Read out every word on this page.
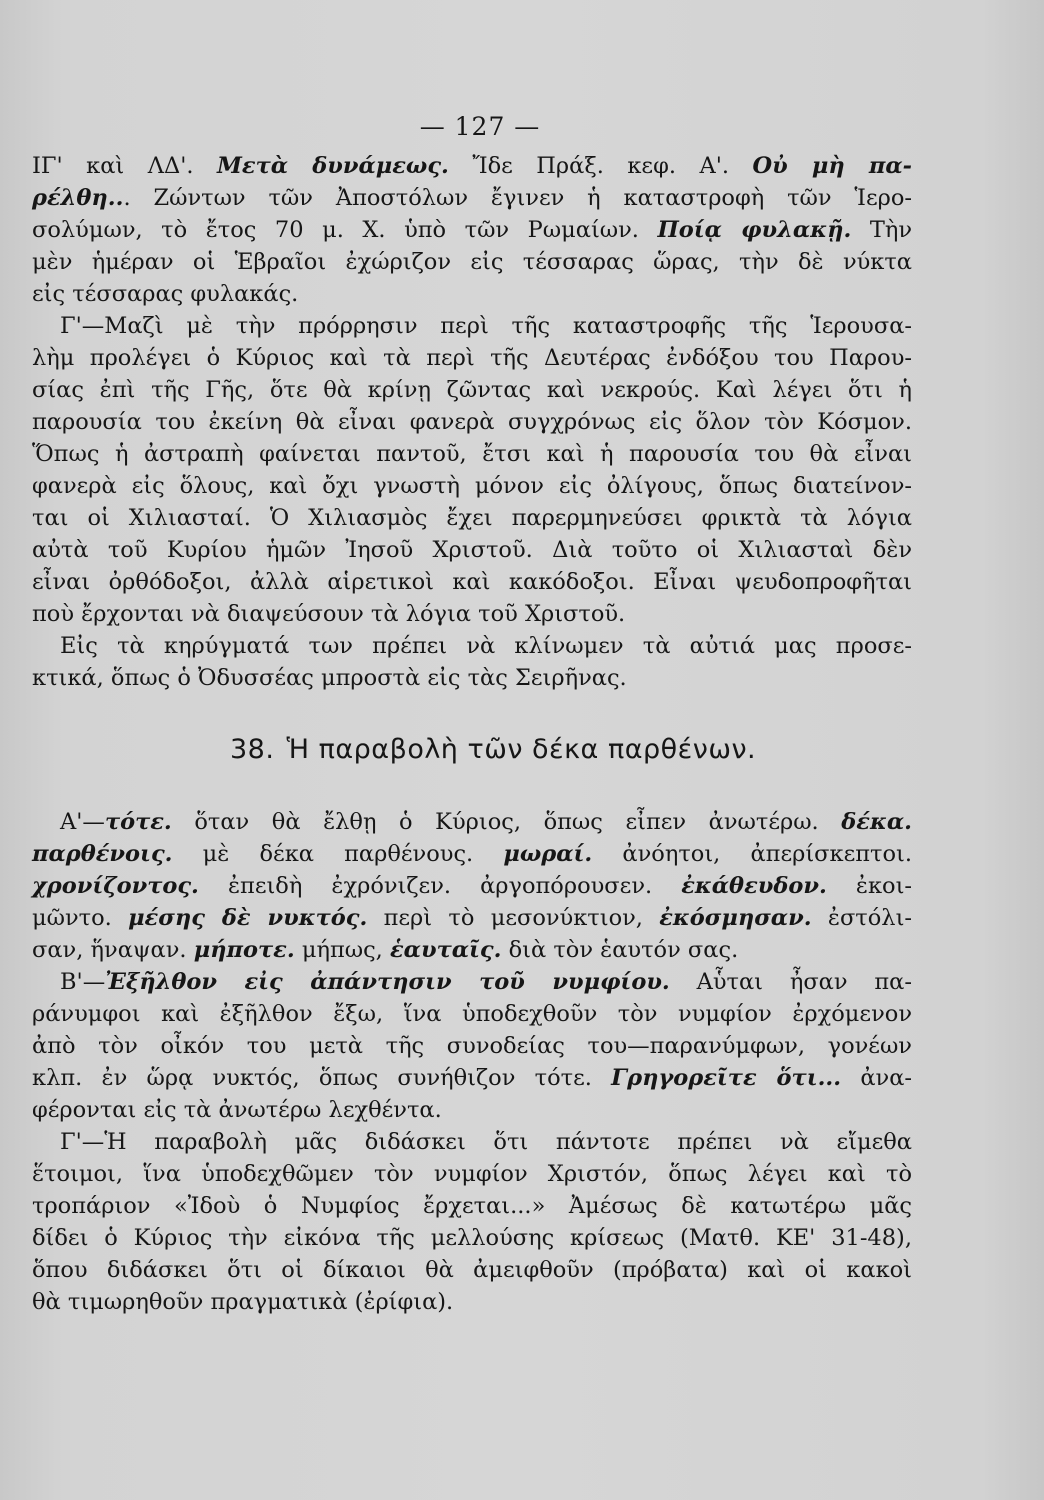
— 127 —
ΙΓ' καὶ ΛΔ'. Μετὰ δυνάμεως. Ἴδε Πράξ. κεφ. Α'. Οὐ μὴ πα-
ρέλθη... Ζώντων τῶν Ἀποστόλων ἔγινεν ἡ καταστροφὴ τῶν Ἱερο-
σολύμων, τὸ ἔτος 70 μ. Χ. ὑπὸ τῶν Ρωμαίων. Ποίᾳ φυλακῇ. Τὴν
μὲν ἡμέραν οἱ Ἑβραῖοι ἐχώριζον εἰς τέσσαρας ὥρας, τὴν δὲ νύκτα
εἰς τέσσαρας φυλακάς.
Γ'—Μαζὶ μὲ τὴν πρόρρησιν περὶ τῆς καταστροφῆς τῆς Ἱερουσα-
λὴμ προλέγει ὁ Κύριος καὶ τὰ περὶ τῆς Δευτέρας ἐνδόξου του Παρου-
σίας ἐπὶ τῆς Γῆς, ὅτε θὰ κρίνῃ ζῶντας καὶ νεκρούς. Καὶ λέγει ὅτι ἡ
παρουσία του ἐκείνη θὰ εἶναι φανερὰ συγχρόνως εἰς ὅλον τὸν Κόσμον.
Ὅπως ἡ ἀστραπὴ φαίνεται παντοῦ, ἔτσι καὶ ἡ παρουσία του θὰ εἶναι
φανερὰ εἰς ὅλους, καὶ ὄχι γνωστὴ μόνον εἰς ὀλίγους, ὅπως διατείνον-
ται οἱ Χιλιασταί. Ὁ Χιλιασμὸς ἔχει παρερμηνεύσει φρικτὰ τὰ λόγια
αὐτὰ τοῦ Κυρίου ἡμῶν Ἰησοῦ Χριστοῦ. Διὰ τοῦτο οἱ Χιλιασταὶ δὲν
εἶναι ὀρθόδοξοι, ἀλλὰ αἱρετικοὶ καὶ κακόδοξοι. Εἶναι ψευδοπροφῆται
ποὺ ἔρχονται νὰ διαψεύσουν τὰ λόγια τοῦ Χριστοῦ.
Εἰς τὰ κηρύγματά των πρέπει νὰ κλίνωμεν τὰ αὐτιά μας προσε-
κτικά, ὅπως ὁ Ὀδυσσέας μπροστὰ εἰς τὰς Σειρῆνας.
38. Ἡ παραβολὴ τῶν δέκα παρθένων.
Α'—τότε. ὅταν θὰ ἔλθῃ ὁ Κύριος, ὅπως εἶπεν ἀνωτέρω. δέκα.
παρθένοις. μὲ δέκα παρθένους. μωραί. ἀνόητοι, ἀπερίσκεπτοι.
χρονίζοντος. ἐπειδὴ ἐχρόνιζεν. ἀργοπόρουσεν. ἐκάθευδον. ἐκοι-
μῶντο. μέσης δὲ νυκτός. περὶ τὸ μεσονύκτιον, ἐκόσμησαν. ἐστόλι-
σαν, ἥναψαν. μήποτε. μήπως, ἑαυταῖς. διὰ τὸν ἑαυτόν σας.
Β'—Ἐξῆλθον εἰς ἀπάντησιν τοῦ νυμφίου. Αὗται ἦσαν πα-
ράνυμφοι καὶ ἐξῆλθον ἔξω, ἵνα ὑποδεχθοῦν τὸν νυμφίον ἐρχόμενον
ἀπὸ τὸν οἶκόν του μετὰ τῆς συνοδείας του—παρανύμφων, γονέων
κλπ. ἐν ὥρᾳ νυκτός, ὅπως συνήθιζον τότε. Γρηγορεῖτε ὅτι... ἀνα-
φέρονται εἰς τὰ ἀνωτέρω λεχθέντα.
Γ'—Ἡ παραβολὴ μᾶς διδάσκει ὅτι πάντοτε πρέπει νὰ εἴμεθα
ἕτοιμοι, ἵνα ὑποδεχθῶμεν τὸν νυμφίον Χριστόν, ὅπως λέγει καὶ τὸ
τροπάριον «Ἰδοὺ ὁ Νυμφίος ἔρχεται...» Ἀμέσως δὲ κατωτέρω μᾶς
δίδει ὁ Κύριος τὴν εἰκόνα τῆς μελλούσης κρίσεως (Ματθ. ΚΕ' 31-48),
ὅπου διδάσκει ὅτι οἱ δίκαιοι θὰ ἀμειφθοῦν (πρόβατα) καὶ οἱ κακοὶ
θὰ τιμωρηθοῦν πραγματικὰ (ἐρίφια).
